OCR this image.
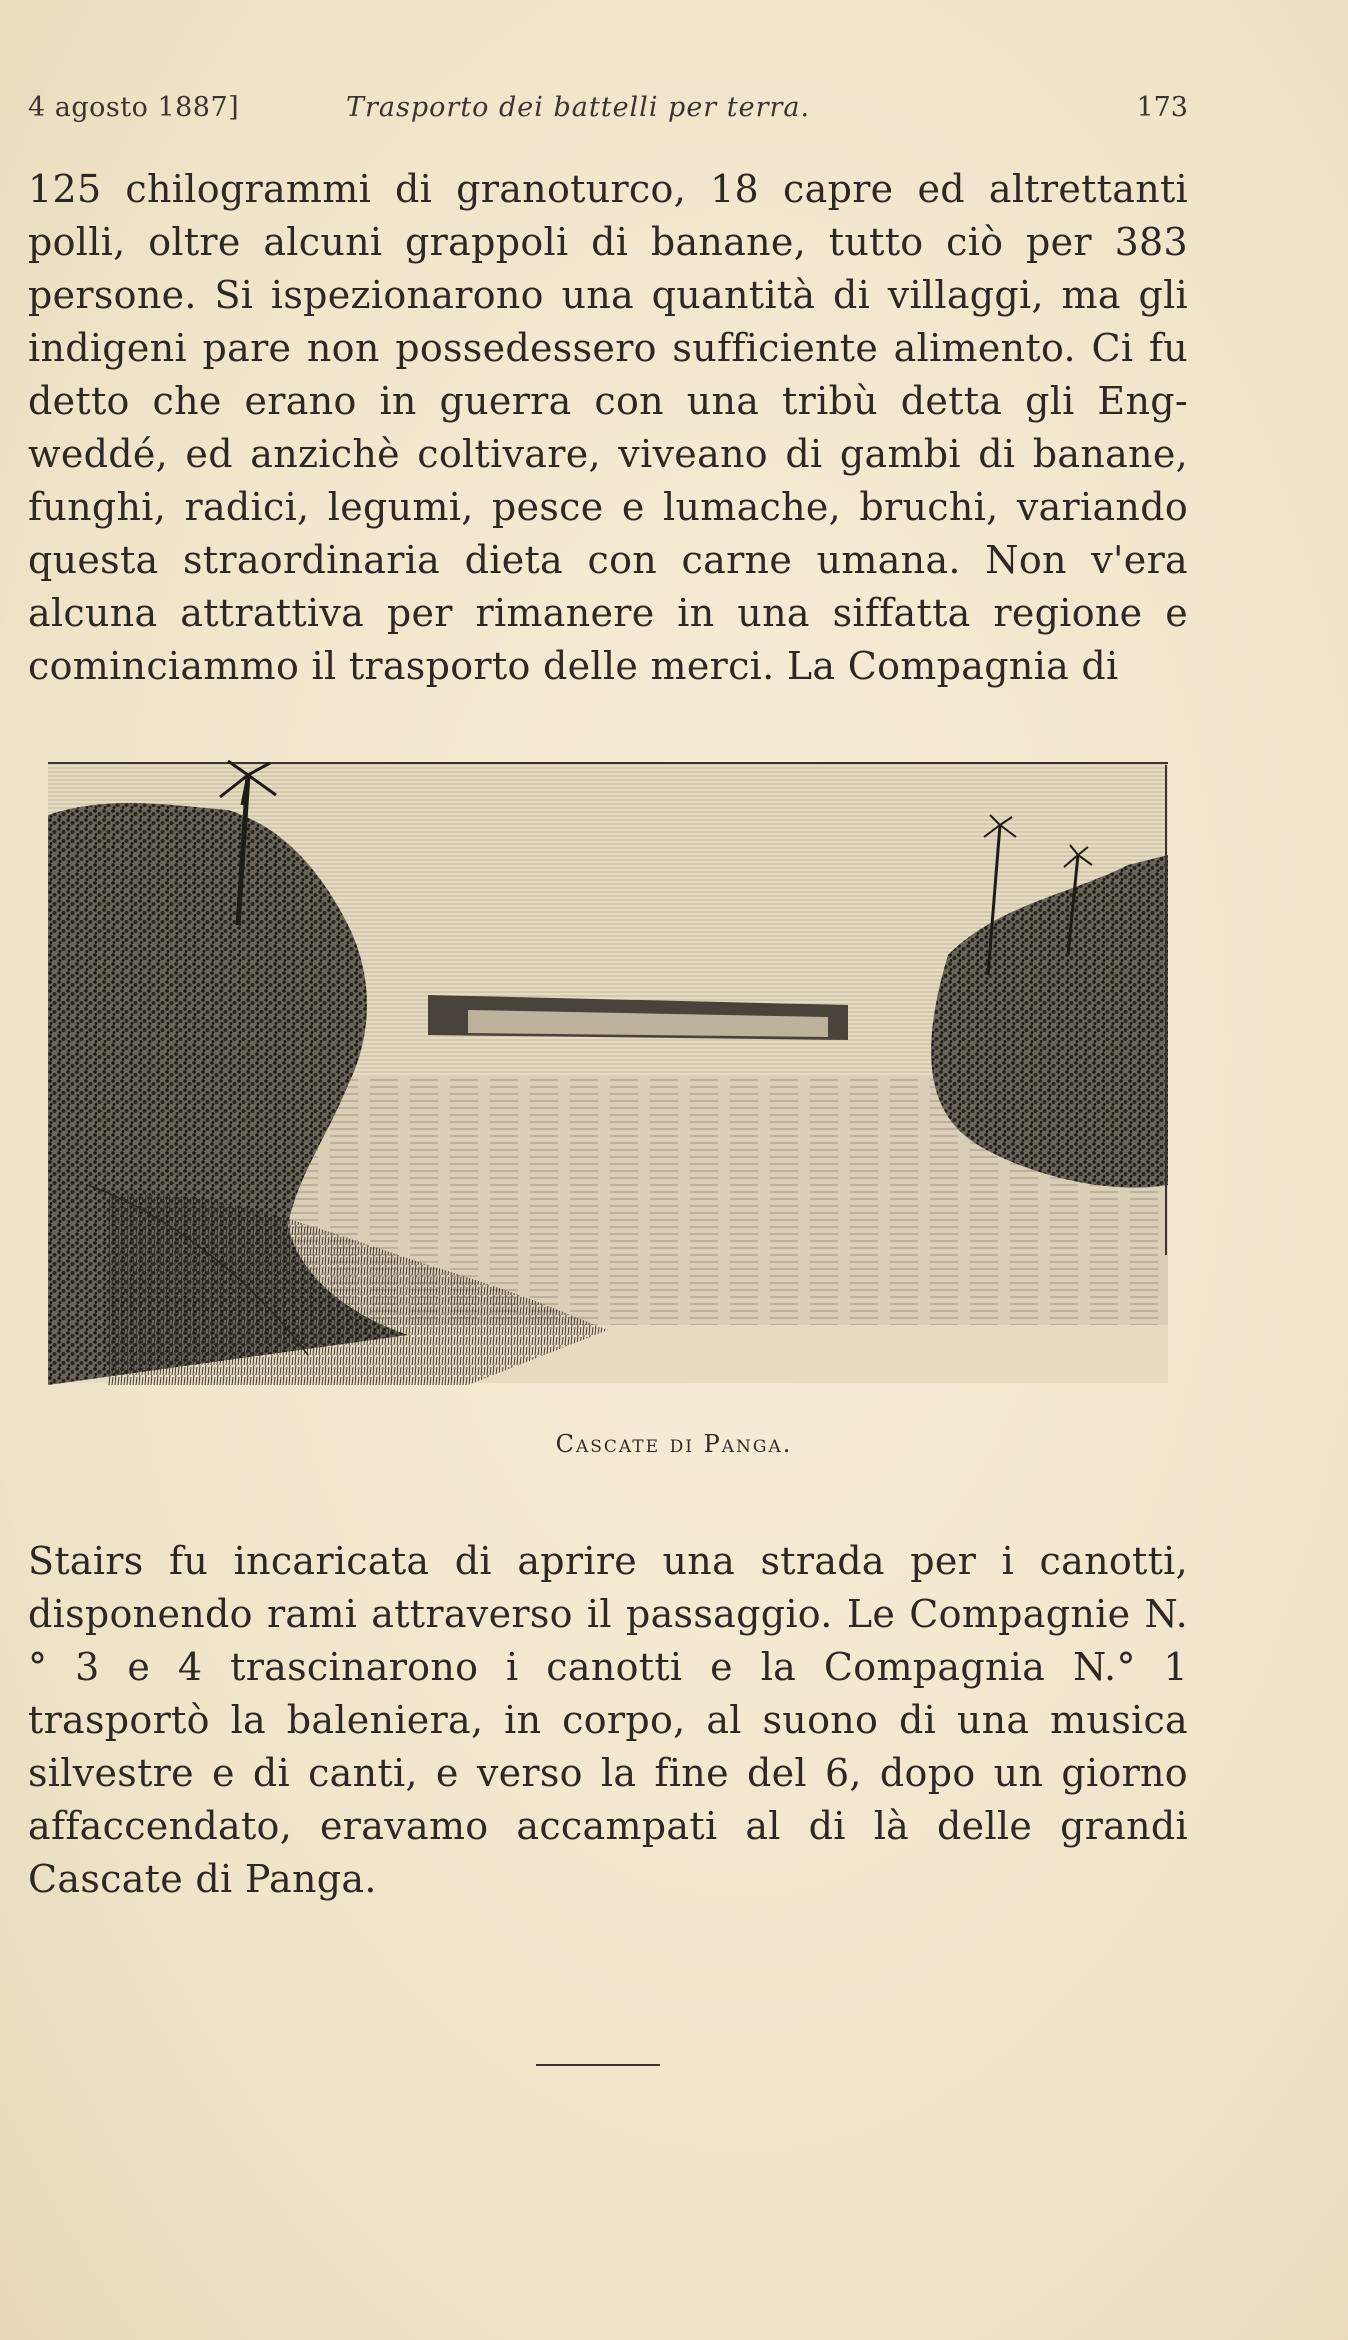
4 agosto 1887]	Trasporto dei battelli per terra.	173
125 chilogrammi di granoturco, 18 capre ed altrettanti polli, oltre alcuni grappoli di banane, tutto ciò per 383 persone. Si ispezionarono una quantità di villaggi, ma gli indigeni pare non possedessero sufficiente alimento. Ci fu detto che erano in guerra con una tribù detta gli Eng-weddé, ed anzichè coltivare, viveano di gambi di banane, funghi, radici, legumi, pesce e lumache, bruchi, variando questa straordinaria dieta con carne umana. Non v'era alcuna attrattiva per rimanere in una siffatta regione e cominciammo il trasporto delle merci. La Compagnia di
Cascate di Panga.
Stairs fu incaricata di aprire una strada per i canotti, disponendo rami attraverso il passaggio. Le Compagnie N.° 3 e 4 trascinarono i canotti e la Compagnia N.° 1 trasportò la baleniera, in corpo, al suono di una musica silvestre e di canti, e verso la fine del 6, dopo un giorno affaccendato, eravamo accampati al di là delle grandi Cascate di Panga.
